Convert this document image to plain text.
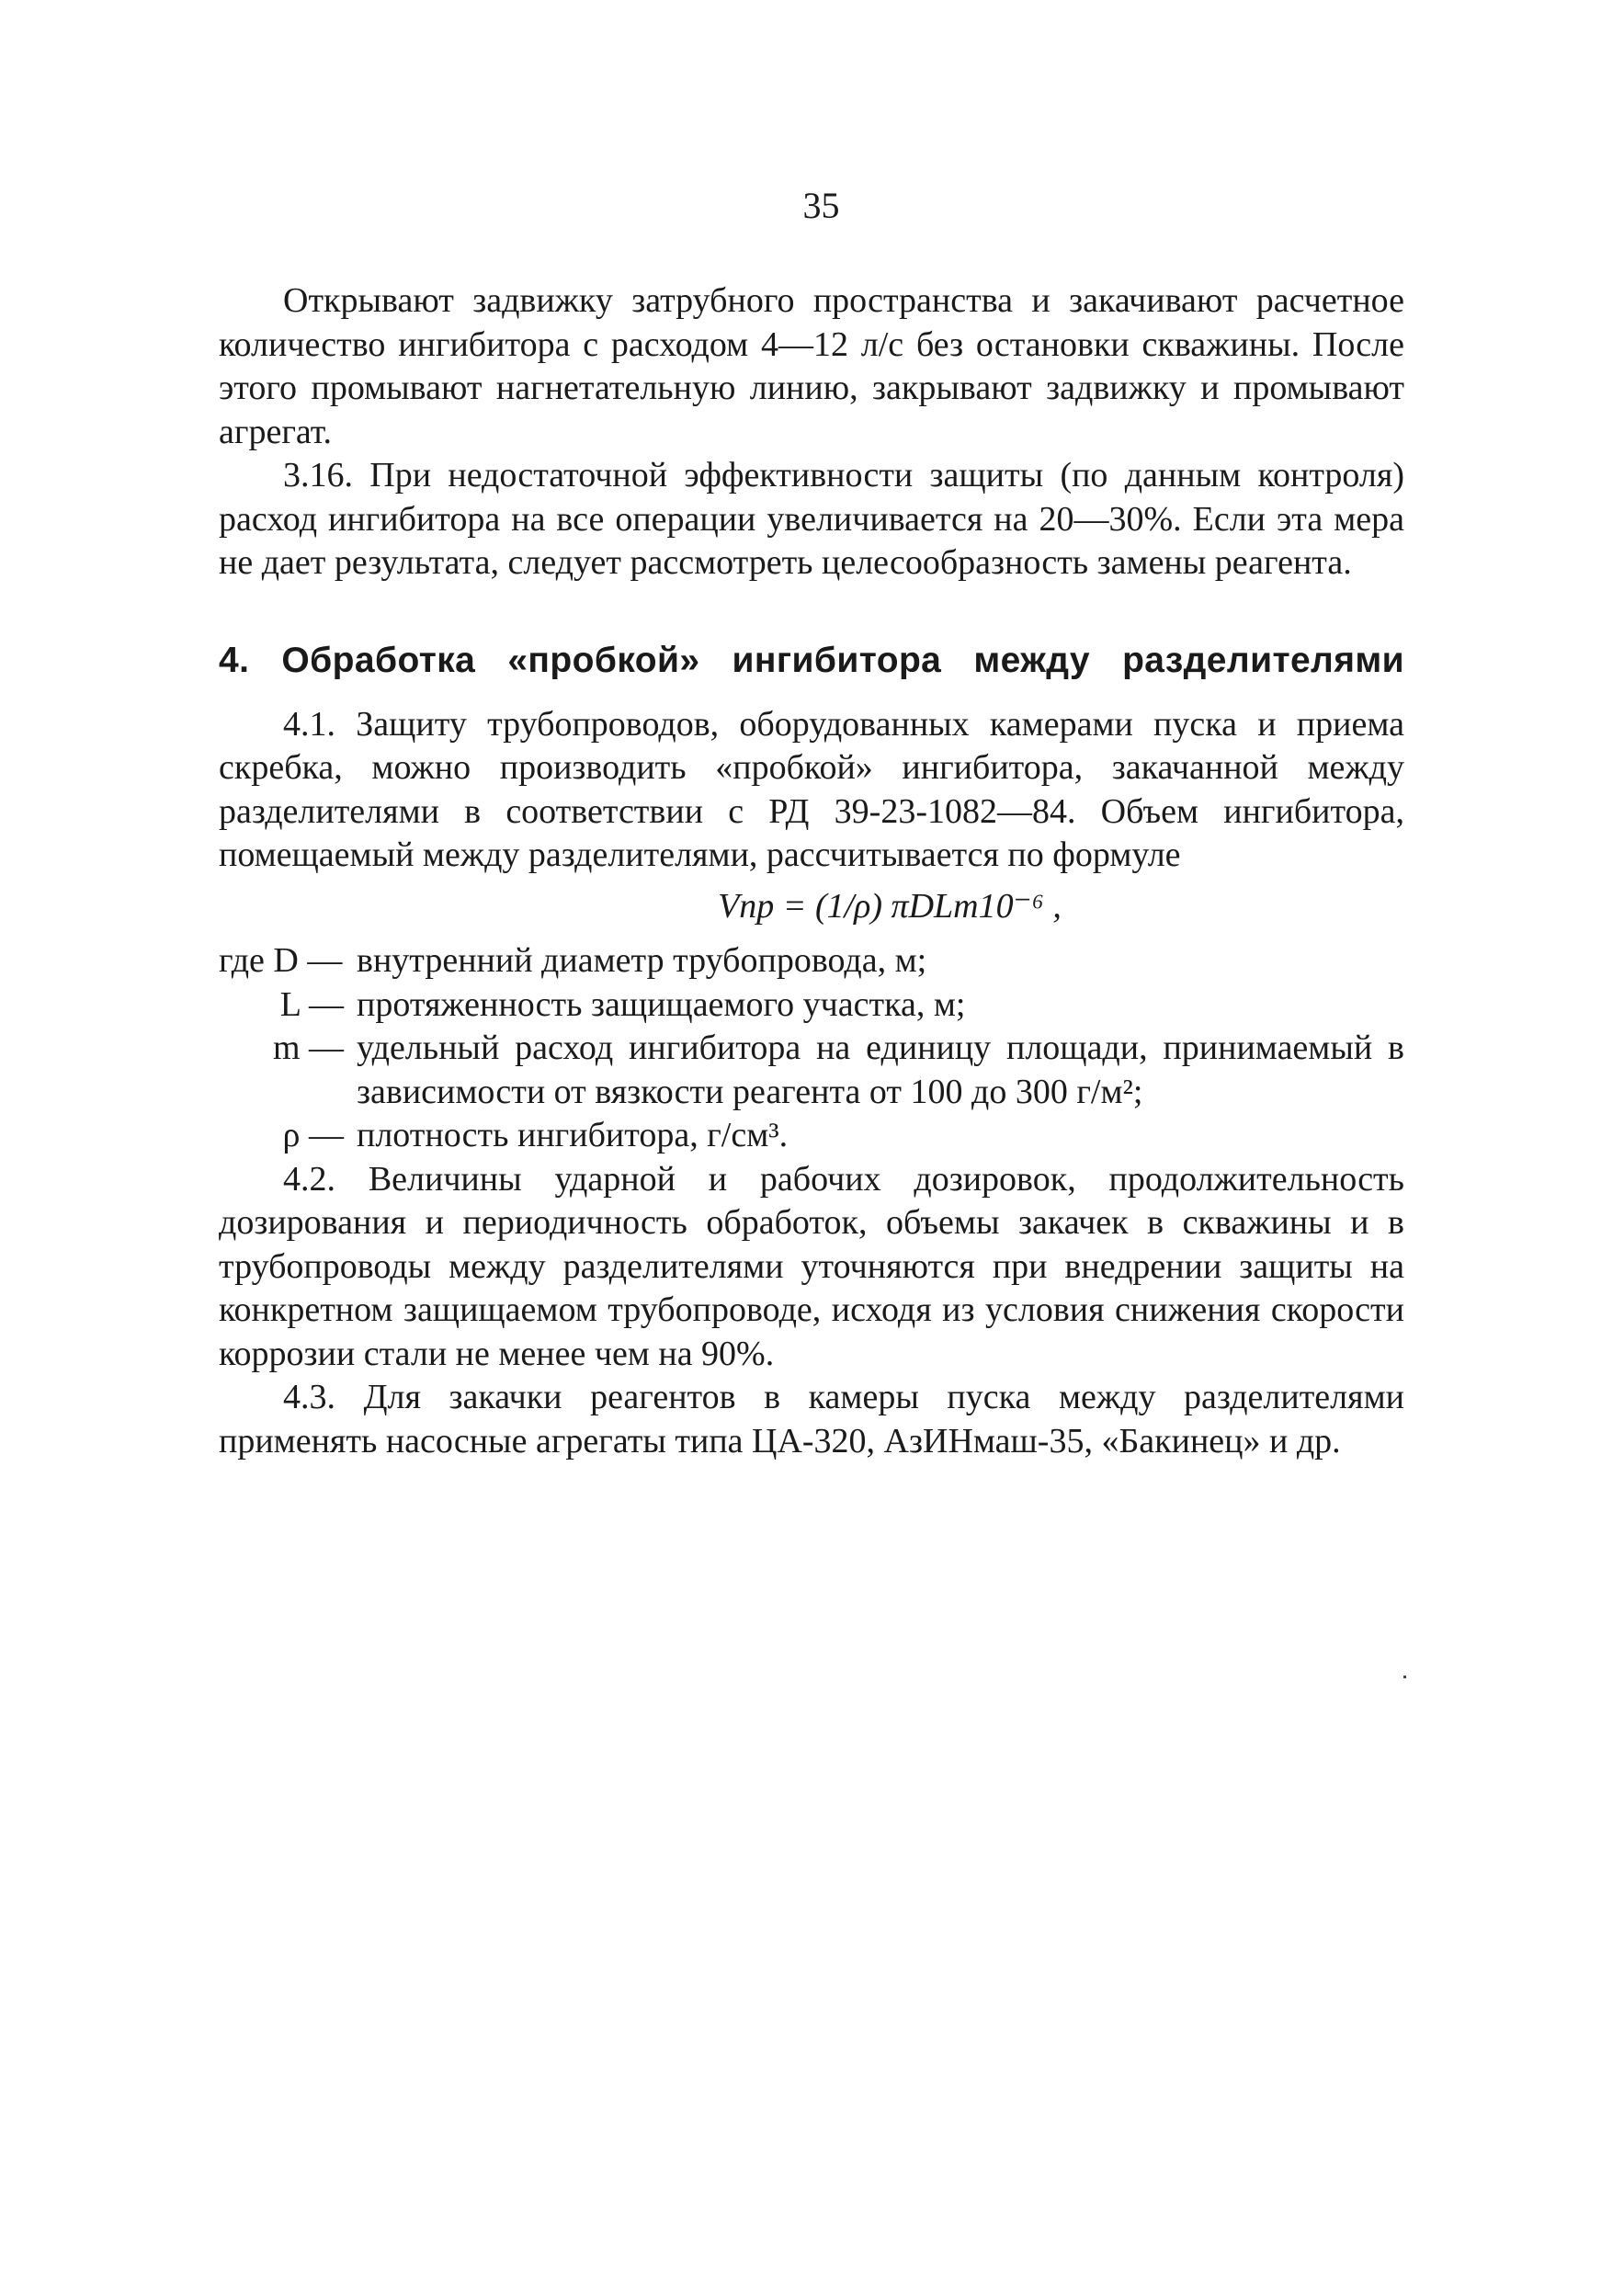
35

Открывают задвижку затрубного пространства и закачивают расчетное количество ингибитора с расходом 4—12 л/с без остановки скважины. После этого промывают нагнетательную линию, закрывают задвижку и промывают агрегат.

3.16. При недостаточной эффективности защиты (по данным контроля) расход ингибитора на все операции увеличивается на 20—30%. Если эта мера не дает результата, следует рассмотреть целесообразность замены реагента.

4. Обработка «пробкой» ингибитора между разделителями

4.1. Защиту трубопроводов, оборудованных камерами пуска и приема скребка, можно производить «пробкой» ингибитора, закачанной между разделителями в соответствии с РД 39-23-1082—84. Объем ингибитора, помещаемый между разделителями, рассчитывается по формуле

Vпр = (1/ρ) πDLm10⁻⁶ ,
где D — внутренний диаметр трубопровода, м;
L — протяженность защищаемого участка, м;
m — удельный расход ингибитора на единицу площади, принимаемый в зависимости от вязкости реагента от 100 до 300 г/м²;
ρ — плотность ингибитора, г/см³.

4.2. Величины ударной и рабочих дозировок, продолжительность дозирования и периодичность обработок, объемы закачек в скважины и в трубопроводы между разделителями уточняются при внедрении защиты на конкретном защищаемом трубопроводе, исходя из условия снижения скорости коррозии стали не менее чем на 90%.

4.3. Для закачки реагентов в камеры пуска между разделителями применять насосные агрегаты типа ЦА-320, АзИНмаш-35, «Бакинец» и др.
